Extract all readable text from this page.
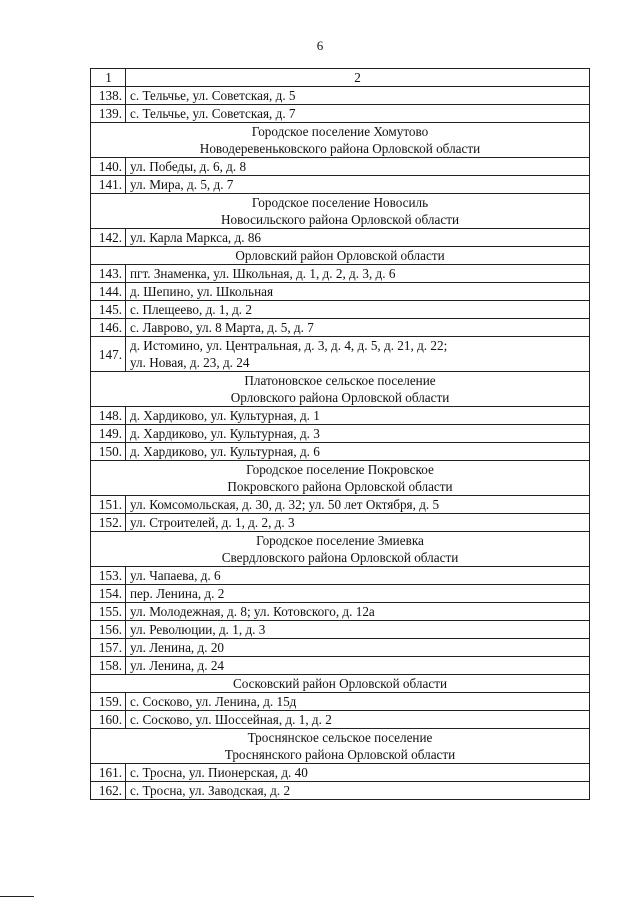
6
1	2
138.	с. Тельчье, ул. Советская, д. 5
139.	с. Тельчье, ул. Советская, д. 7
Городское поселение Хомутово
Новодеревеньковского района Орловской области	
140.	ул. Победы, д. 6, д. 8
141.	ул. Мира, д. 5, д. 7
Городское поселение Новосиль
Новосильского района Орловской области	
142.	ул. Карла Маркса, д. 86
Орловский район Орловской области	
143.	пгт. Знаменка, ул. Школьная, д. 1, д. 2, д. 3, д. 6
144.	д. Шепино, ул. Школьная
145.	с. Плещеево, д. 1, д. 2
146.	с. Лаврово, ул. 8 Марта, д. 5, д. 7
147.	д. Истомино, ул. Центральная, д. 3, д. 4, д. 5, д. 21, д. 22;
ул. Новая, д. 23, д. 24
Платоновское сельское поселение
Орловского района Орловской области	
148.	д. Хардиково, ул. Культурная, д. 1
149.	д. Хардиково, ул. Культурная, д. 3
150.	д. Хардиково, ул. Культурная, д. 6
Городское поселение Покровское
Покровского района Орловской области	
151.	ул. Комсомольская, д. 30, д. 32; ул. 50 лет Октября, д. 5
152.	ул. Строителей, д. 1, д. 2, д. 3
Городское поселение Змиевка
Свердловского района Орловской области	
153.	ул. Чапаева, д. 6
154.	пер. Ленина, д. 2
155.	ул. Молодежная, д. 8; ул. Котовского, д. 12а
156.	ул. Революции, д. 1, д. 3
157.	ул. Ленина, д. 20
158.	ул. Ленина, д. 24
Сосковский район Орловской области	
159.	с. Сосково, ул. Ленина, д. 15д
160.	с. Сосково, ул. Шоссейная, д. 1, д. 2
Троснянское сельское поселение
Троснянского района Орловской области	
161.	с. Тросна, ул. Пионерская, д. 40
162.	с. Тросна, ул. Заводская, д. 2
